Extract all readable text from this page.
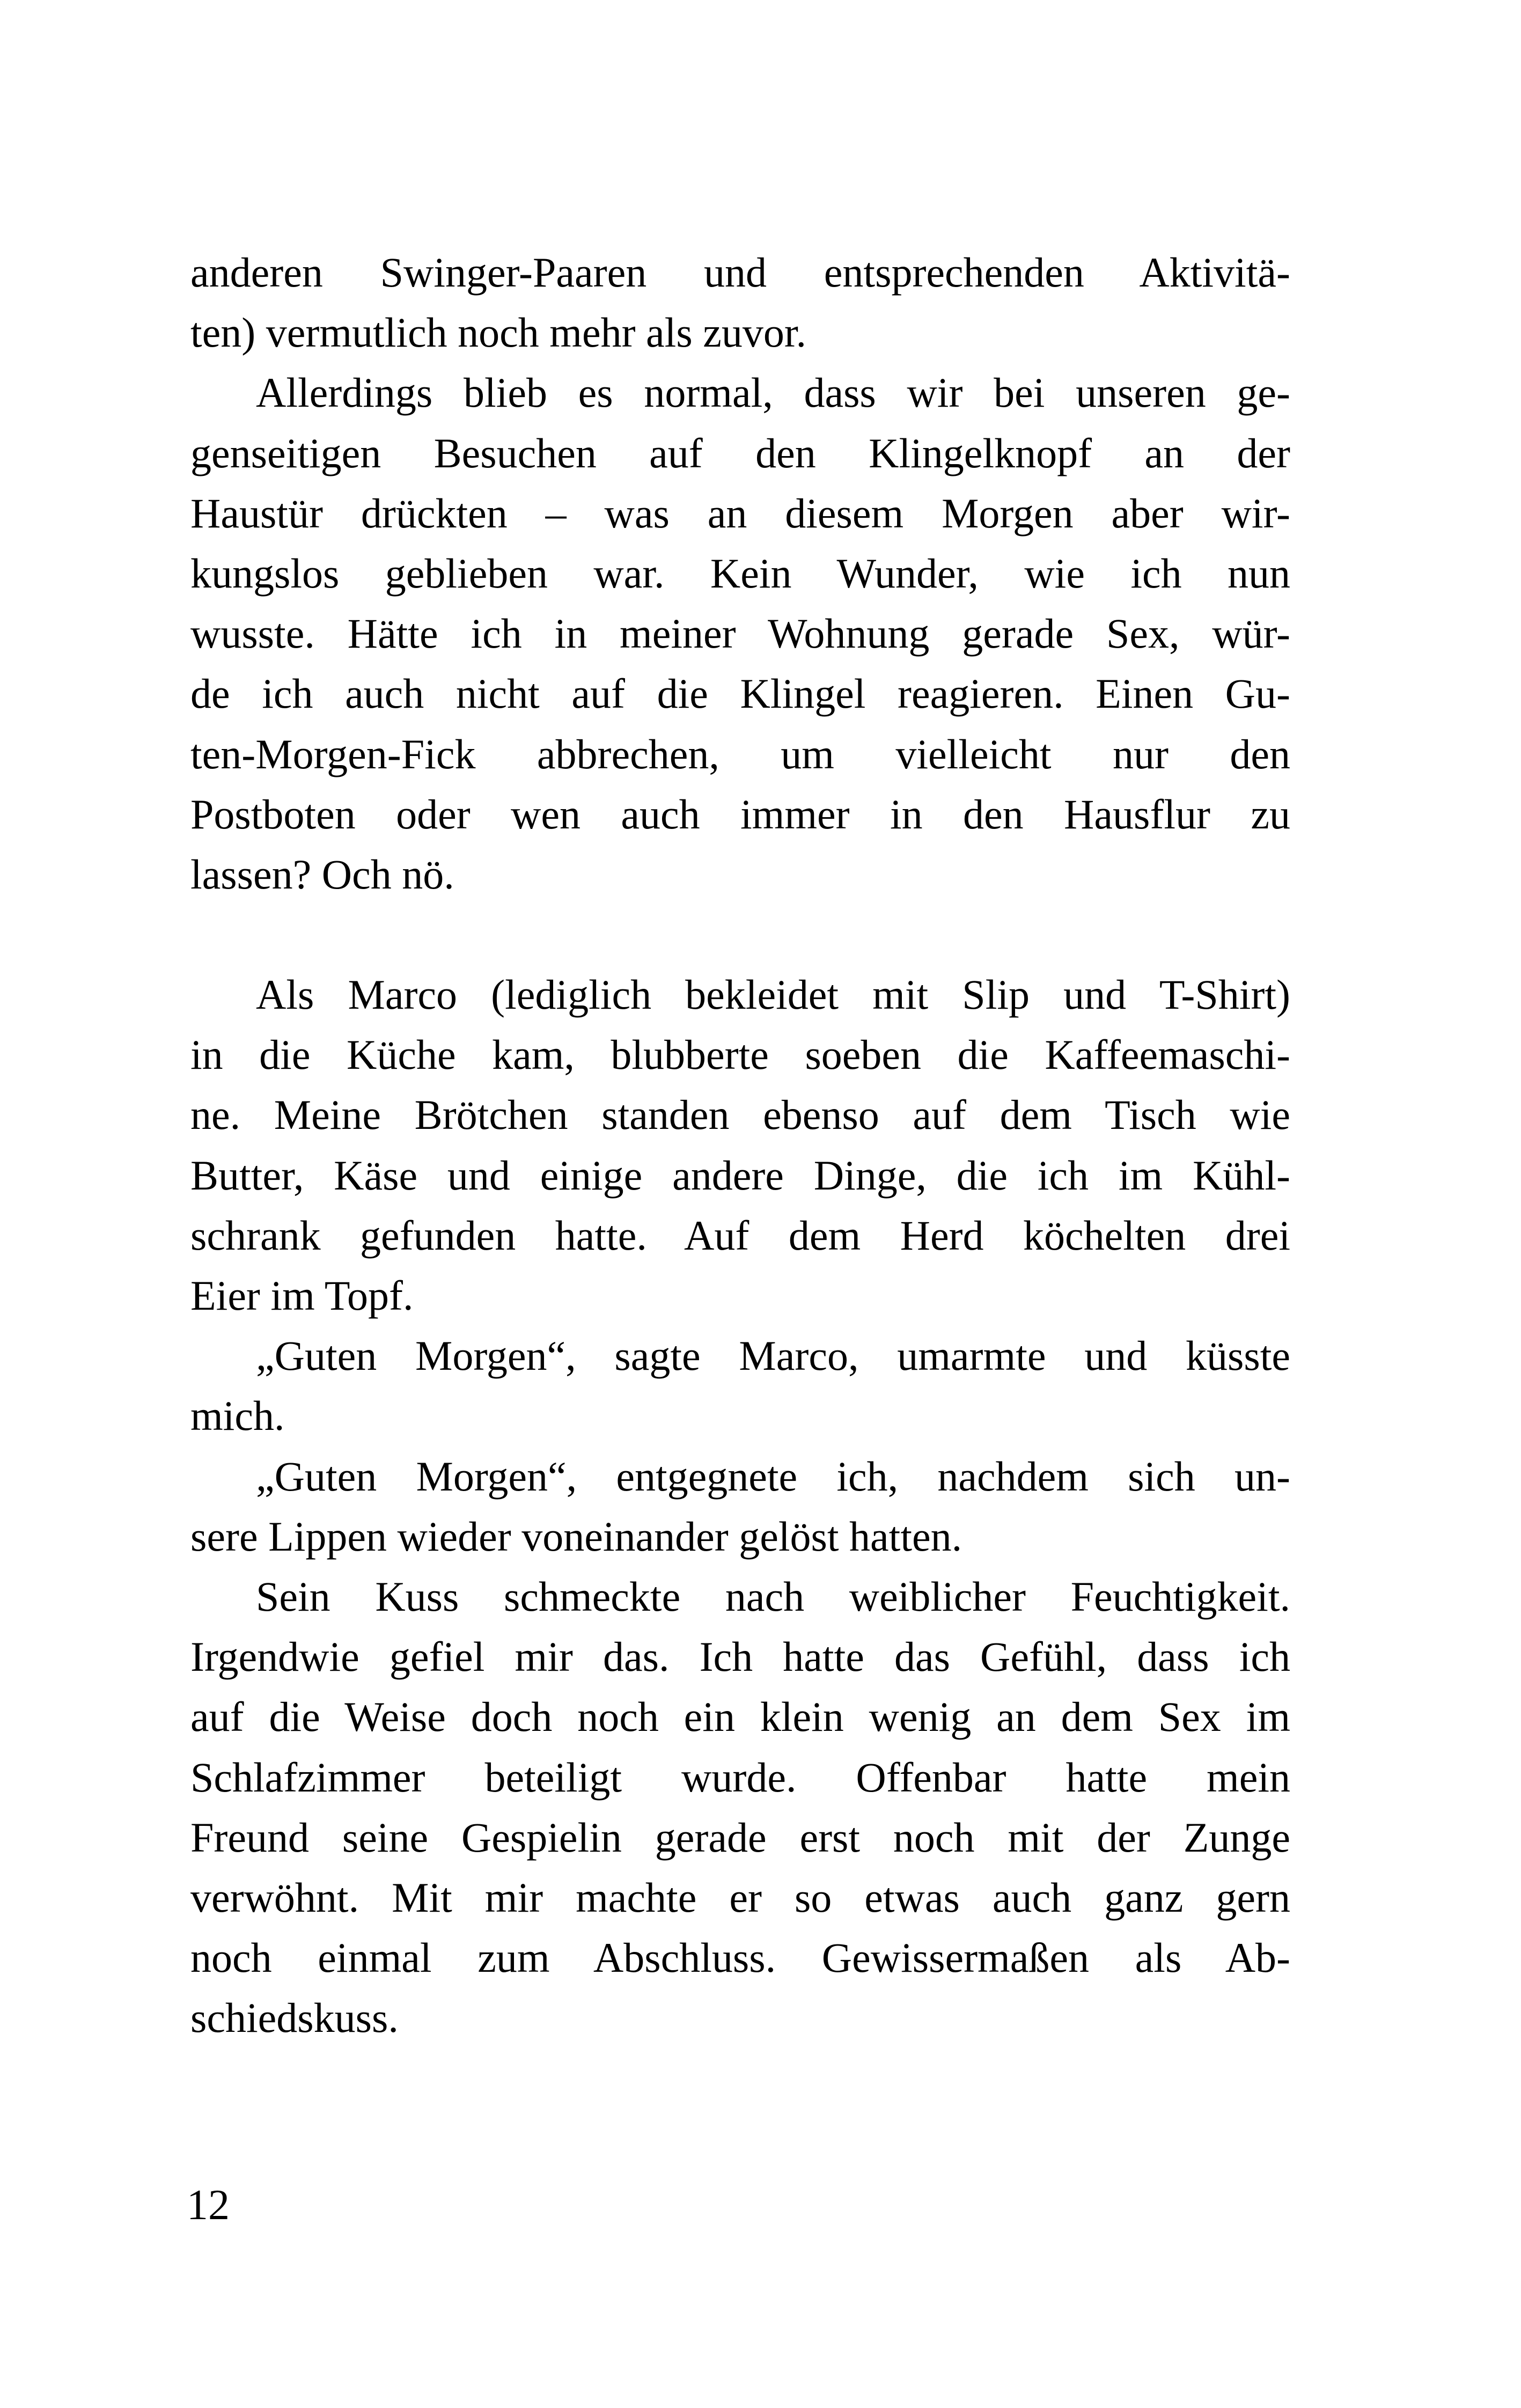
anderen Swinger-Paaren und entsprechenden Aktivitä-
ten) vermutlich noch mehr als zuvor.
Allerdings blieb es normal, dass wir bei unseren ge-
genseitigen Besuchen auf den Klingelknopf an der
Haustür drückten – was an diesem Morgen aber wir-
kungslos geblieben war. Kein Wunder, wie ich nun
wusste. Hätte ich in meiner Wohnung gerade Sex, wür-
de ich auch nicht auf die Klingel reagieren. Einen Gu-
ten-Morgen-Fick abbrechen, um vielleicht nur den
Postboten oder wen auch immer in den Hausflur zu
lassen? Och nö.
Als Marco (lediglich bekleidet mit Slip und T-Shirt)
in die Küche kam, blubberte soeben die Kaffeemaschi-
ne. Meine Brötchen standen ebenso auf dem Tisch wie
Butter, Käse und einige andere Dinge, die ich im Kühl-
schrank gefunden hatte. Auf dem Herd köchelten drei
Eier im Topf.
„Guten Morgen“, sagte Marco, umarmte und küsste
mich.
„Guten Morgen“, entgegnete ich, nachdem sich un-
sere Lippen wieder voneinander gelöst hatten.
Sein Kuss schmeckte nach weiblicher Feuchtigkeit.
Irgendwie gefiel mir das. Ich hatte das Gefühl, dass ich
auf die Weise doch noch ein klein wenig an dem Sex im
Schlafzimmer beteiligt wurde. Offenbar hatte mein
Freund seine Gespielin gerade erst noch mit der Zunge
verwöhnt. Mit mir machte er so etwas auch ganz gern
noch einmal zum Abschluss. Gewissermaßen als Ab-
schiedskuss.
12
